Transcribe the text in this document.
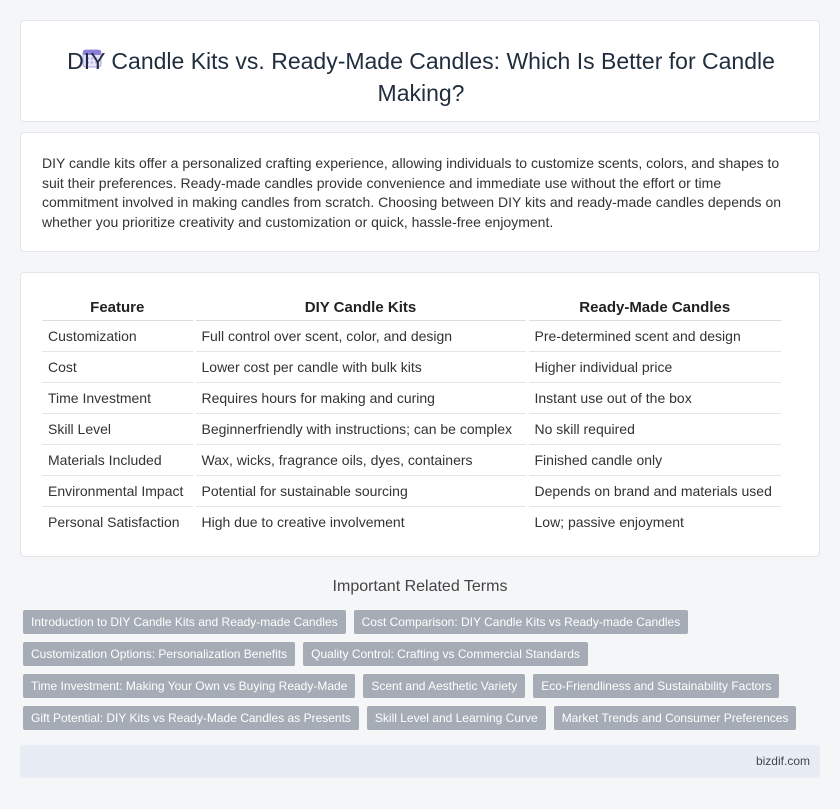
DIY Candle Kits vs. Ready-Made Candles: Which Is Better for Candle Making?

DIY candle kits offer a personalized crafting experience, allowing individuals to customize scents, colors, and shapes to suit their preferences. Ready-made candles provide convenience and immediate use without the effort or time commitment involved in making candles from scratch. Choosing between DIY kits and ready-made candles depends on whether you prioritize creativity and customization or quick, hassle-free enjoyment.

Feature	DIY Candle Kits	Ready-Made Candles
Customization	Full control over scent, color, and design	Pre-determined scent and design
Cost	Lower cost per candle with bulk kits	Higher individual price
Time Investment	Requires hours for making and curing	Instant use out of the box
Skill Level	Beginnerfriendly with instructions; can be complex	No skill required
Materials Included	Wax, wicks, fragrance oils, dyes, containers	Finished candle only
Environmental Impact	Potential for sustainable sourcing	Depends on brand and materials used
Personal Satisfaction	High due to creative involvement	Low; passive enjoyment
Important Related Terms
Introduction to DIY Candle Kits and Ready-made Candles	Cost Comparison: DIY Candle Kits vs Ready-made Candles
Customization Options: Personalization Benefits	Quality Control: Crafting vs Commercial Standards
Time Investment: Making Your Own vs Buying Ready-Made	Scent and Aesthetic Variety	Eco-Friendliness and Sustainability Factors
Gift Potential: DIY Kits vs Ready-Made Candles as Presents	Skill Level and Learning Curve	Market Trends and Consumer Preferences
bizdif.com
